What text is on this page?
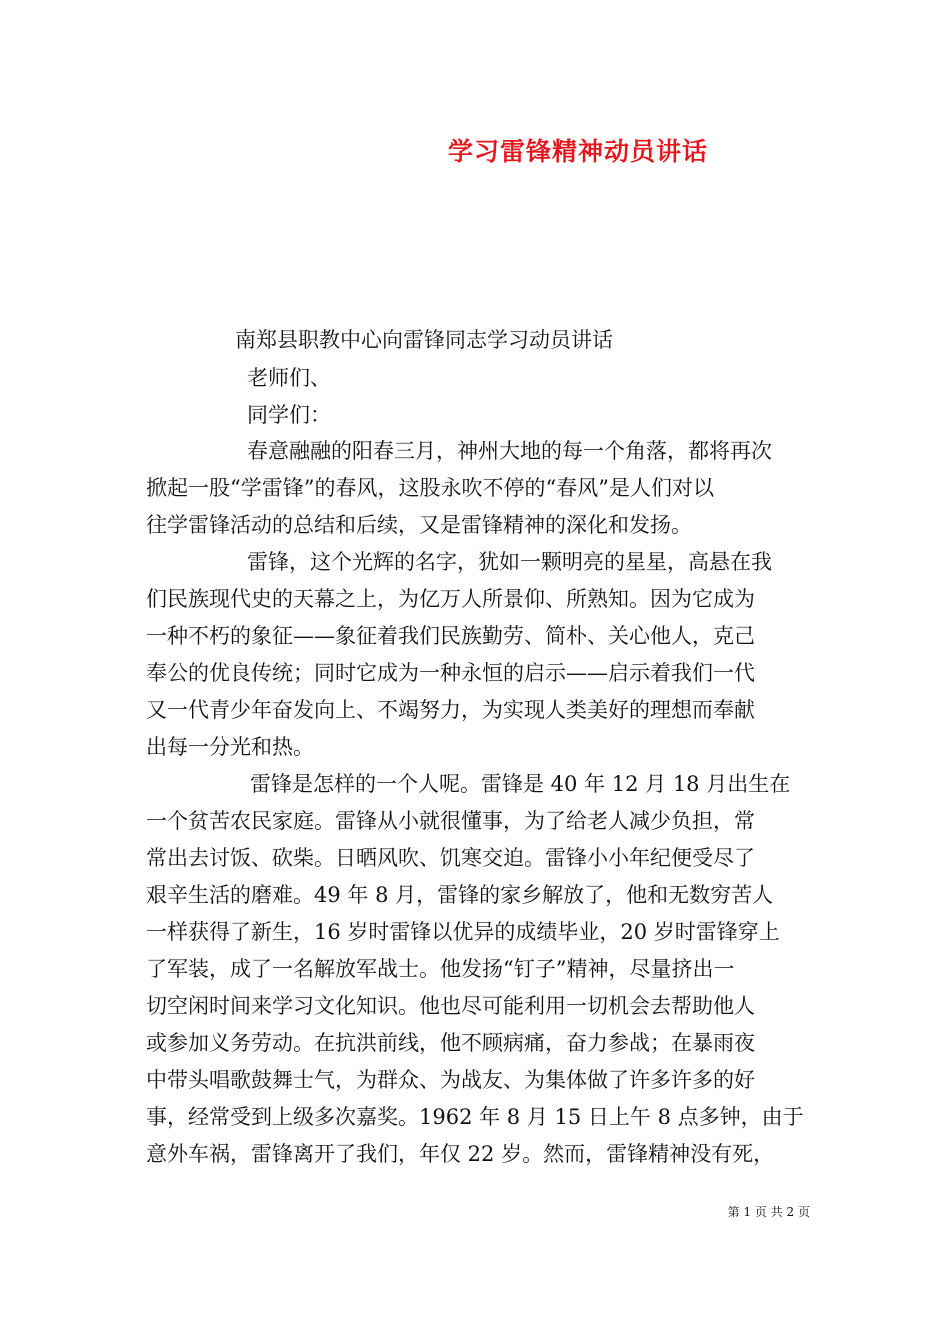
学习雷锋精神动员讲话

南郑县职教中心向雷锋同志学习动员讲话

老师们、

同学们：

春意融融的阳春三月，神州大地的每一个角落，都将再次

掀起一股“学雷锋”的春风，这股永吹不停的“春风”是人们对以

往学雷锋活动的总结和后续，又是雷锋精神的深化和发扬。

雷锋，这个光辉的名字，犹如一颗明亮的星星，高悬在我

们民族现代史的天幕之上，为亿万人所景仰、所熟知。因为它成为

一种不朽的象征——象征着我们民族勤劳、简朴、关心他人，克己

奉公的优良传统；同时它成为一种永恒的启示——启示着我们一代

又一代青少年奋发向上、不竭努力，为实现人类美好的理想而奉献

出每一分光和热。

雷锋是怎样的一个人呢。雷锋是 40 年 12 月 18 月出生在

一个贫苦农民家庭。雷锋从小就很懂事，为了给老人减少负担，常

常出去讨饭、砍柴。日晒风吹、饥寒交迫。雷锋小小年纪便受尽了

艰辛生活的磨难。49 年 8 月，雷锋的家乡解放了，他和无数穷苦人

一样获得了新生，16 岁时雷锋以优异的成绩毕业，20 岁时雷锋穿上

了军装，成了一名解放军战士。他发扬“钉子”精神，尽量挤出一

切空闲时间来学习文化知识。他也尽可能利用一切机会去帮助他人

或参加义务劳动。在抗洪前线，他不顾病痛，奋力参战；在暴雨夜

中带头唱歌鼓舞士气，为群众、为战友、为集体做了许多许多的好

事，经常受到上级多次嘉奖。1962 年 8 月 15 日上午 8 点多钟，由于

意外车祸，雷锋离开了我们，年仅 22 岁。然而，雷锋精神没有死，

第 1 页 共 2 页
